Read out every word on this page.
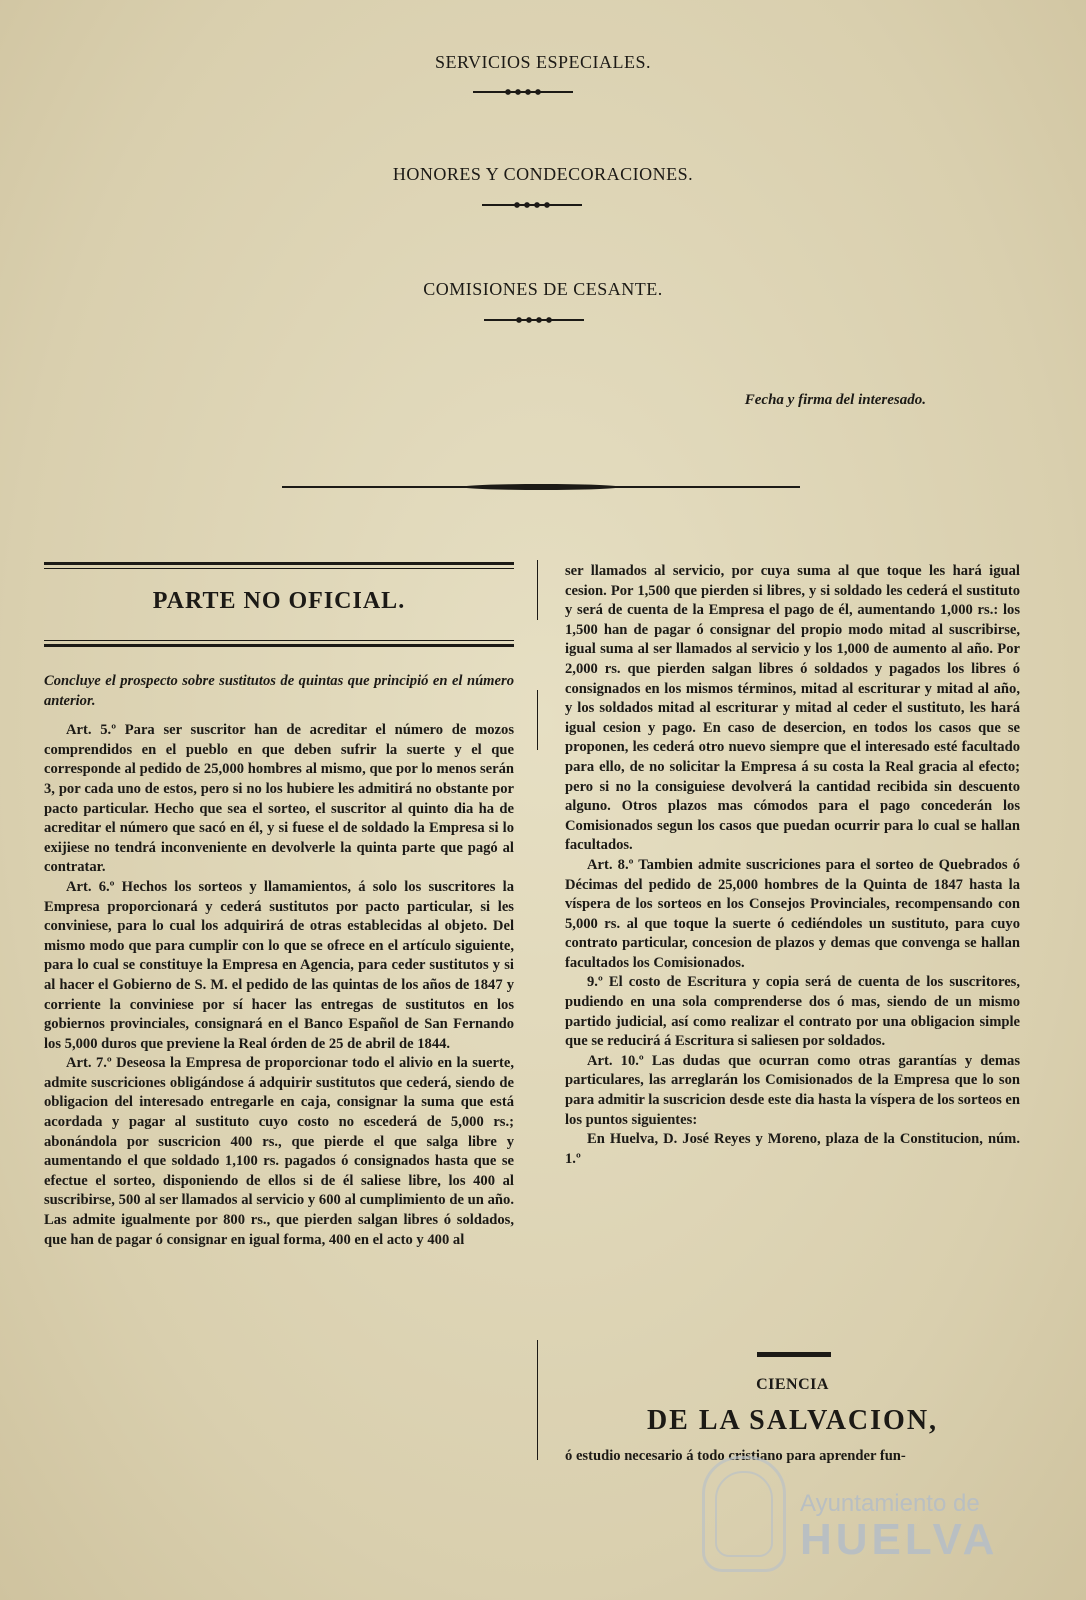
SERVICIOS ESPECIALES.
HONORES Y CONDECORACIONES.
COMISIONES DE CESANTE.
Fecha y firma del interesado.
PARTE NO OFICIAL.

Concluye el prospecto sobre sustitutos de quintas que principió en el número anterior.

Art. 5.º Para ser suscritor han de acreditar el número de mozos comprendidos en el pueblo en que deben sufrir la suerte y el que corresponde al pedido de 25,000 hombres al mismo, que por lo menos serán 3, por cada uno de estos, pero si no los hubiere les admitirá no obstante por pacto particular. Hecho que sea el sorteo, el suscritor al quinto dia ha de acreditar el número que sacó en él, y si fuese el de soldado la Empresa si lo exijiese no tendrá inconveniente en devolverle la quinta parte que pagó al contratar.

Art. 6.º Hechos los sorteos y llamamientos, á solo los suscritores la Empresa proporcionará y cederá sustitutos por pacto particular, si les conviniese, para lo cual los adquirirá de otras establecidas al objeto. Del mismo modo que para cumplir con lo que se ofrece en el artículo siguiente, para lo cual se constituye la Empresa en Agencia, para ceder sustitutos y si al hacer el Gobierno de S. M. el pedido de las quintas de los años de 1847 y corriente la conviniese por sí hacer las entregas de sustitutos en los gobiernos provinciales, consignará en el Banco Español de San Fernando los 5,000 duros que previene la Real órden de 25 de abril de 1844.

Art. 7.º Deseosa la Empresa de proporcionar todo el alivio en la suerte, admite suscriciones obligándose á adquirir sustitutos que cederá, siendo de obligacion del interesado entregarle en caja, consignar la suma que está acordada y pagar al sustituto cuyo costo no escederá de 5,000 rs.; abonándola por suscricion 400 rs., que pierde el que salga libre y aumentando el que soldado 1,100 rs. pagados ó consignados hasta que se efectue el sorteo, disponiendo de ellos si de él saliese libre, los 400 al suscribirse, 500 al ser llamados al servicio y 600 al cumplimiento de un año. Las admite igualmente por 800 rs., que pierden salgan libres ó soldados, que han de pagar ó consignar en igual forma, 400 en el acto y 400 al

ser llamados al servicio, por cuya suma al que toque les hará igual cesion. Por 1,500 que pierden si libres, y si soldado les cederá el sustituto y será de cuenta de la Empresa el pago de él, aumentando 1,000 rs.: los 1,500 han de pagar ó consignar del propio modo mitad al suscribirse, igual suma al ser llamados al servicio y los 1,000 de aumento al año. Por 2,000 rs. que pierden salgan libres ó soldados y pagados los libres ó consignados en los mismos términos, mitad al escriturar y mitad al año, y los soldados mitad al escriturar y mitad al ceder el sustituto, les hará igual cesion y pago. En caso de desercion, en todos los casos que se proponen, les cederá otro nuevo siempre que el interesado esté facultado para ello, de no solicitar la Empresa á su costa la Real gracia al efecto; pero si no la consiguiese devolverá la cantidad recibida sin descuento alguno. Otros plazos mas cómodos para el pago concederán los Comisionados segun los casos que puedan ocurrir para lo cual se hallan facultados.

Art. 8.º Tambien admite suscriciones para el sorteo de Quebrados ó Décimas del pedido de 25,000 hombres de la Quinta de 1847 hasta la víspera de los sorteos en los Consejos Provinciales, recompensando con 5,000 rs. al que toque la suerte ó cediéndoles un sustituto, para cuyo contrato particular, concesion de plazos y demas que convenga se hallan facultados los Comisionados.

9.º El costo de Escritura y copia será de cuenta de los suscritores, pudiendo en una sola comprenderse dos ó mas, siendo de un mismo partido judicial, así como realizar el contrato por una obligacion simple que se reducirá á Escritura si saliesen por soldados.

Art. 10.º Las dudas que ocurran como otras garantías y demas particulares, las arreglarán los Comisionados de la Empresa que lo son para admitir la suscricion desde este dia hasta la víspera de los sorteos en los puntos siguientes:

En Huelva, D. José Reyes y Moreno, plaza de la Constitucion, núm. 1.º

CIENCIA
DE LA SALVACION,
ó estudio necesario á todo cristiano para aprender fun-
Ayuntamiento de
HUELVA
